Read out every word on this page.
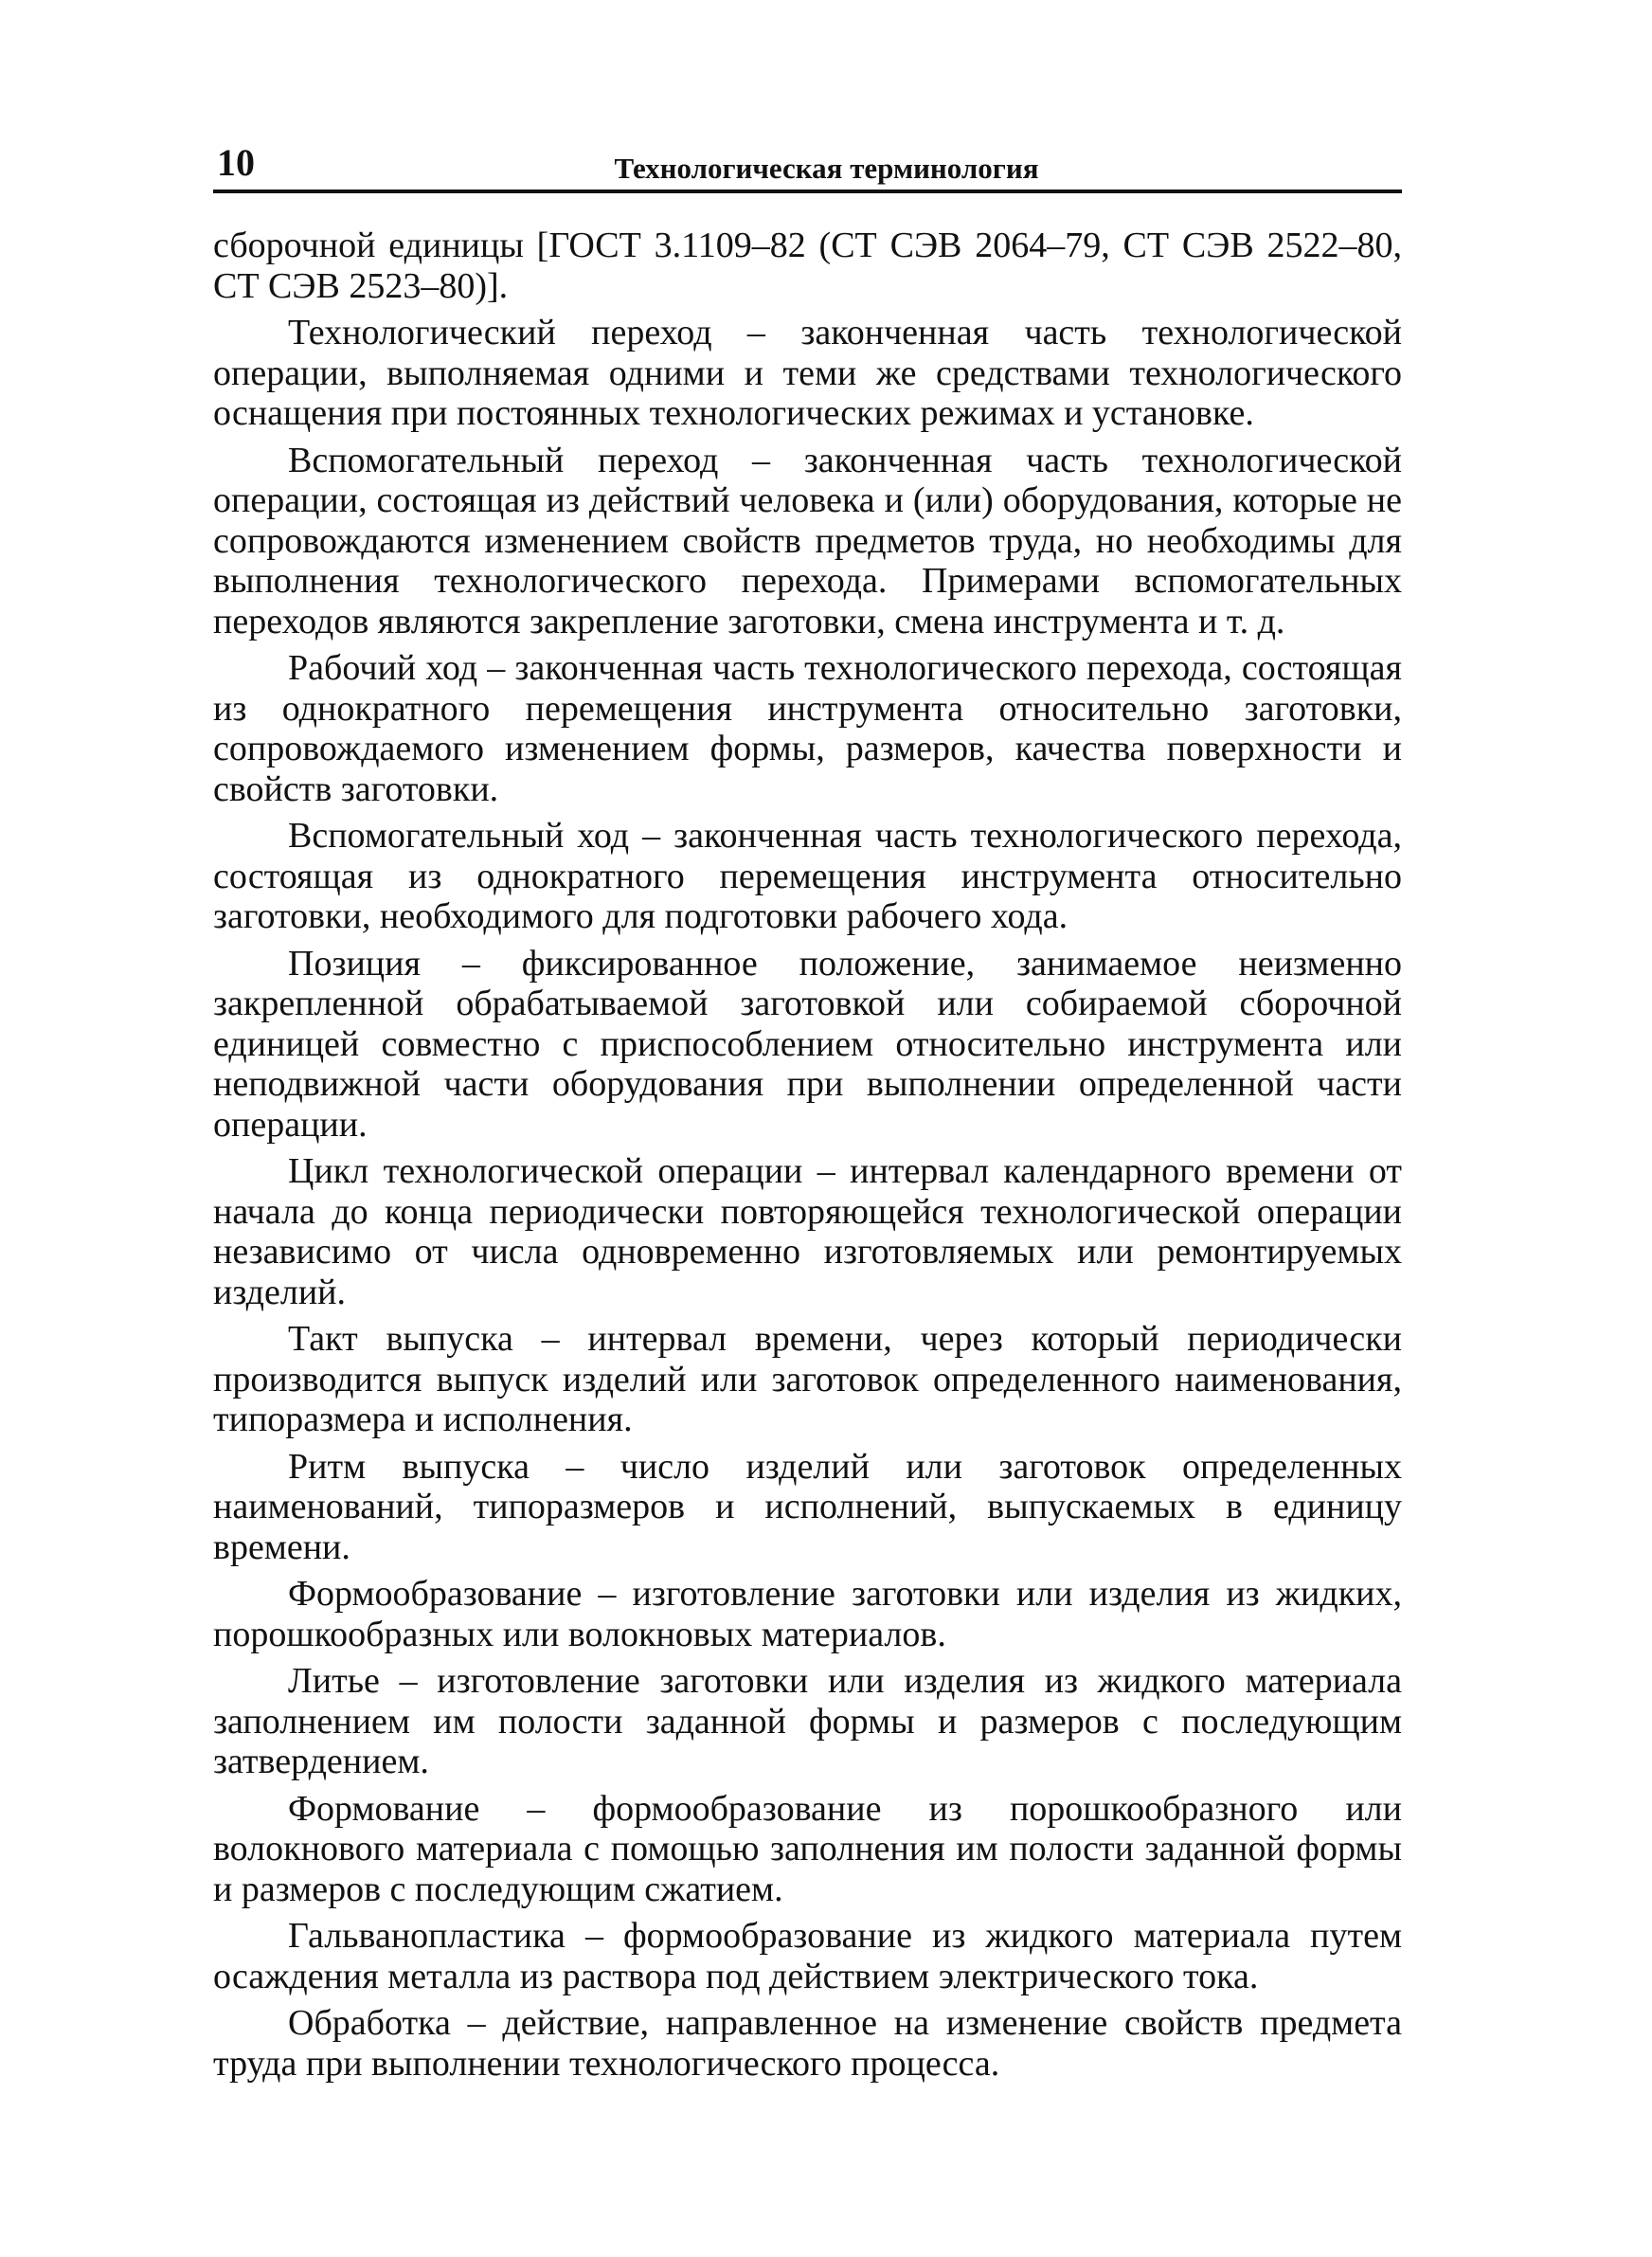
10	Технологическая терминология

сборочной единицы [ГОСТ 3.1109–82 (СТ СЭВ 2064–79, СТ СЭВ 2522–80, СТ СЭВ 2523–80)].

Технологический переход – законченная часть технологической операции, выполняемая одними и теми же средствами технологического оснащения при постоянных технологических режимах и установке.

Вспомогательный переход – законченная часть технологической операции, состоящая из действий человека и (или) оборудования, которые не сопровождаются изменением свойств предметов труда, но необходимы для выполнения технологического перехода. Примерами вспомогательных переходов являются закрепление заготовки, смена инструмента и т. д.

Рабочий ход – законченная часть технологического перехода, состоящая из однократного перемещения инструмента относительно заготовки, сопровождаемого изменением формы, размеров, качества поверхности и свойств заготовки.

Вспомогательный ход – законченная часть технологического перехода, состоящая из однократного перемещения инструмента относительно заготовки, необходимого для подготовки рабочего хода.

Позиция – фиксированное положение, занимаемое неизменно закрепленной обрабатываемой заготовкой или собираемой сборочной единицей совместно с приспособлением относительно инструмента или неподвижной части оборудования при выполнении определенной части операции.

Цикл технологической операции – интервал календарного времени от начала до конца периодически повторяющейся технологической операции независимо от числа одновременно изготовляемых или ремонтируемых изделий.

Такт выпуска – интервал времени, через который периодически производится выпуск изделий или заготовок определенного наименования, типоразмера и исполнения.

Ритм выпуска – число изделий или заготовок определенных наименований, типоразмеров и исполнений, выпускаемых в единицу времени.

Формообразование – изготовление заготовки или изделия из жидких, порошкообразных или волокновых материалов.

Литье – изготовление заготовки или изделия из жидкого материала заполнением им полости заданной формы и размеров с последующим затвердением.

Формование – формообразование из порошкообразного или волокнового материала с помощью заполнения им полости заданной формы и размеров с последующим сжатием.

Гальванопластика – формообразование из жидкого материала путем осаждения металла из раствора под действием электрического тока.

Обработка – действие, направленное на изменение свойств предмета труда при выполнении технологического процесса.
